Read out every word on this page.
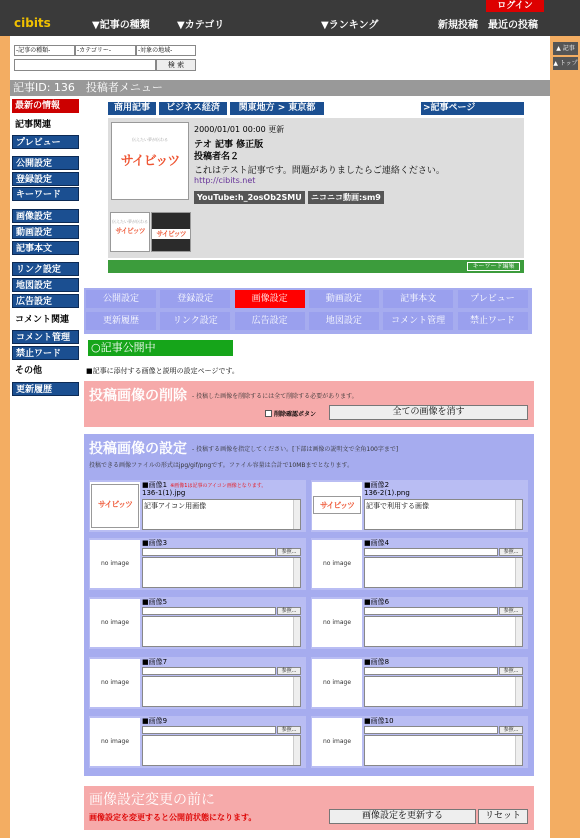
cibits	▼記事の種類	▼カテゴリ	▼ランキング	新規投稿 最近の投稿
ログイン
▲ 記事
▲ トップ
-記事の種類-	-カテゴリー-	-対象の地域-
検 索
記事ID: 136　投稿者メニュー
最新の情報
記事関連
プレビュー
公開設定
登録設定
キーワード
画像設定
動画設定
記事本文
リンク設定
地図設定
広告設定
コメント関連
コメント管理
禁止ワード
その他
更新履歴
商用記事	ビジネス経済	関東地方 > 東京都	>記事ページ
伝えたい夢が伝わる
サイビッツ
2000/01/01 00:00 更新
テオ 記事 修正版
投稿者名２
これはテスト記事です。問題がありましたらご連絡ください。
http://cibits.net
YouTube:h_2osOb2SMU	ニコニコ動画:sm9
伝えたい夢が伝わる
サイビッツ	サイビッツ
キーワード編集
公開設定	登録設定	画像設定	動画設定	記事本文	プレビュー
更新履歴	リンク設定	広告設定	地図設定	コメント管理	禁止ワード
○記事公開中
■記事に添付する画像と説明の設定ページです。
投稿画像の削除 - 投稿した画像を削除するには全て削除する必要があります。
削除確認ボタン	全ての画像を消す
投稿画像の設定 - 投稿する画像を指定してください。[下部は画像の説明文で全角100字まで]
投稿できる画像ファイルの形式はjpg/gif/pngです。ファイル容量は合計で10MBまでとなります。
サイビッツ
■画像1 ※画像1は記事のアイコン画像となります。
136-1(1).jpg
記事アイコン用画像	サイビッツ
■画像2
136-2(1).png
記事で利用する画像
no image
■画像3
参照...
no image
■画像4
参照...
no image
■画像5
参照...
no image
■画像6
参照...
no image
■画像7
参照...
no image
■画像8
参照...
no image
■画像9
参照...
no image
■画像10
参照...
画像設定変更の前に
画像設定を変更すると公開前状態になります。	画像設定を更新する	リセット
